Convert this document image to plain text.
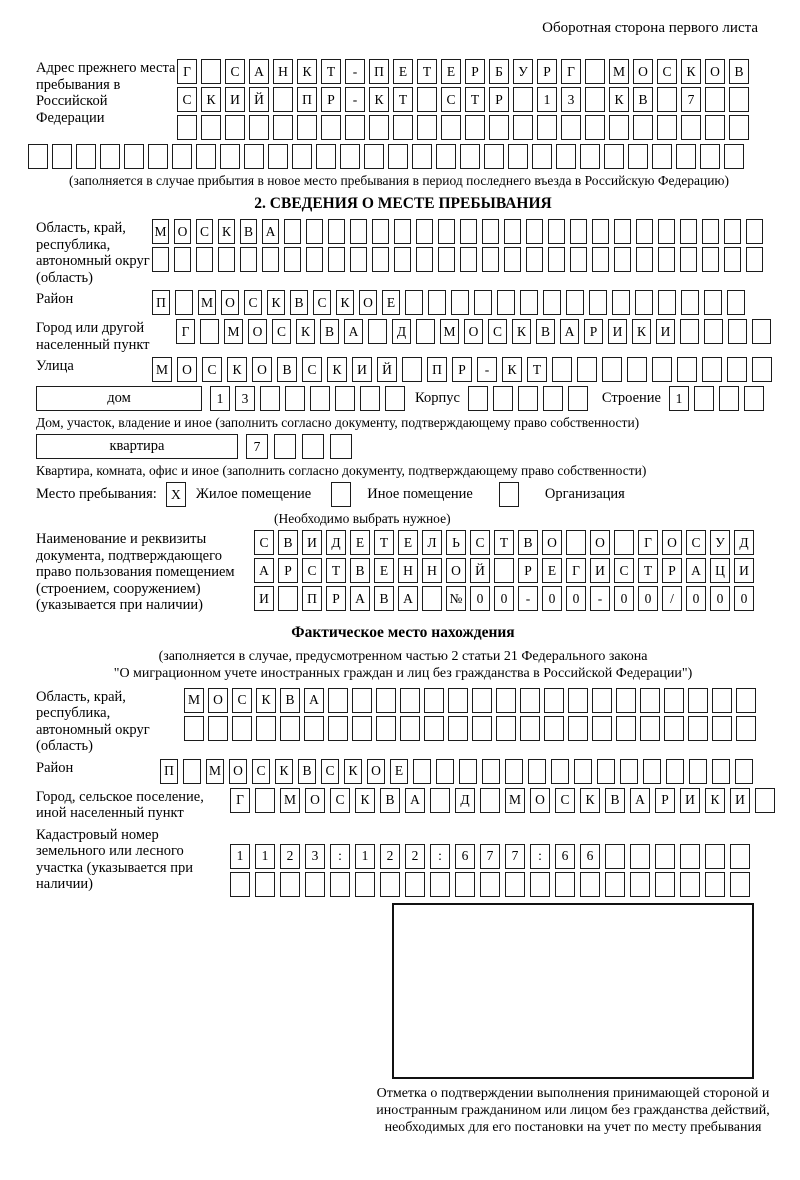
Оборотная сторона первого листа
Адрес прежнего места пребывания в Российской Федерации
Г	С	А	Н	К	Т	-	П	Е	Т	Е	Р	Б	У	Р	Г	М О	С	К	О	В
С	К	И	Й	П	Р	-	К	Т	С	Т	Р	1	3	К	В	7
(заполняется в случае прибытия в новое место пребывания в период последнего въезда в Российскую Федерацию)
2. СВЕДЕНИЯ О МЕСТЕ ПРЕБЫВАНИЯ
Область, край, республика, автономный округ (область)
М О С К В А
Район	П	М О	С	К	В	С	К	О	Е
Город или другой населенный пункт
Г	М О	С	К	В	А	Д	М О	С	К	В	А	Р	И	К	И
Улица	М	О	С	К	О	В	С	К	И	Й	П	Р	-	К	Т
дом	1	3	Корпус	Строение	1
Дом, участок, владение и иное (заполнить согласно документу, подтверждающему право собственности)
квартира	7
Квартира, комната, офис и иное (заполнить согласно документу, подтверждающему право собственности)
Место пребывания:	X	Жилое помещение	Иное помещение	Организация
(Необходимо выбрать нужное)
Наименование и реквизиты документа, подтверждающего право пользования помещением (строением, сооружением) (указывается при наличии)
С	В	И	Д	Е	Т	Е	Л	Ь	С	Т	В	О	О	Г	О	С	У	Д
А	Р	С	Т	В	Е	Н	Н	О	Й	Р	Е	Г	И	С	Т	Р	А	Ц	И
И	П	Р	А	В	А	№	0	0	-	0	0	-	0	0	/	0	0	0
Фактическое место нахождения
(заполняется в случае, предусмотренном частью 2 статьи 21 Федерального закона
"О миграционном учете иностранных граждан и лиц без гражданства в Российской Федерации")
Область, край, республика, автономный округ (область)
М О	С	К	В	А
Район	П	М О	С	К	В	С	К	О	Е
Город, сельское поселение, иной населенный пункт
Г	М	О	С	К	В	А	Д	М	О	С	К	В	А	Р	И	К	И
Кадастровый номер земельного или лесного участка (указывается при наличии)
1	1	2	3	:	1	2	2	:	6	7	7	:	6	6
Отметка о подтверждении выполнения принимающей стороной и иностранным гражданином или лицом без гражданства действий, необходимых для его постановки на учет по месту пребывания
